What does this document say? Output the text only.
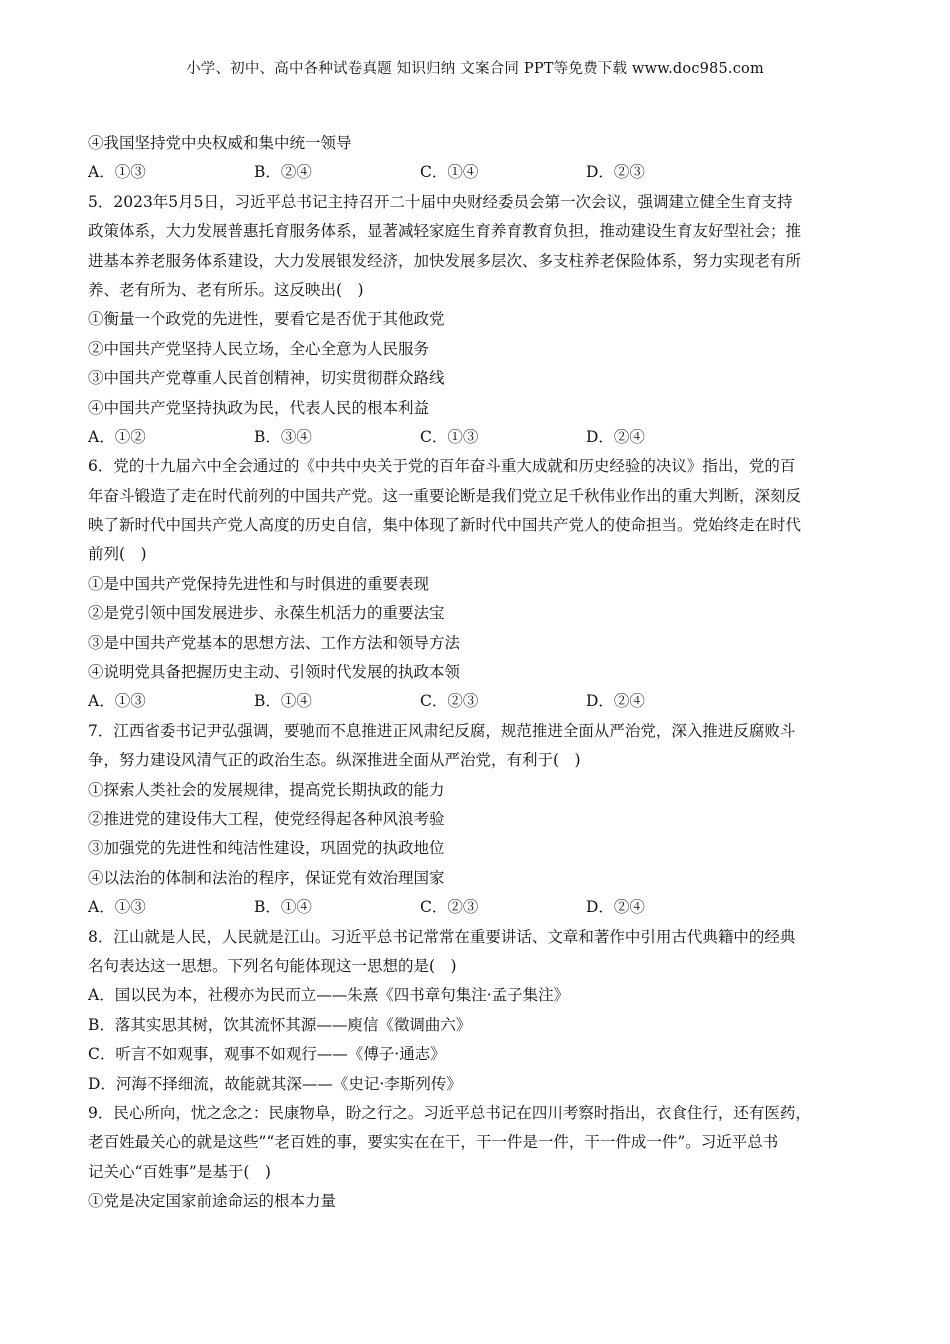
小学、初中、高中各种试卷真题 知识归纳 文案合同 PPT等免费下载 www.doc985.com
④我国坚持党中央权威和集中统一领导
A．①③	B．②④	C．①④	D．②③
5．2023年5月5日，习近平总书记主持召开二十届中央财经委员会第一次会议，强调建立健全生育支持
政策体系，大力发展普惠托育服务体系，显著减轻家庭生育养育教育负担，推动建设生育友好型社会；推
进基本养老服务体系建设，大力发展银发经济，加快发展多层次、多支柱养老保险体系，努力实现老有所
养、老有所为、老有所乐。这反映出(　)
①衡量一个政党的先进性，要看它是否优于其他政党
②中国共产党坚持人民立场，全心全意为人民服务
③中国共产党尊重人民首创精神，切实贯彻群众路线
④中国共产党坚持执政为民，代表人民的根本利益
A．①②	B．③④	C．①③	D．②④
6．党的十九届六中全会通过的《中共中央关于党的百年奋斗重大成就和历史经验的决议》指出，党的百
年奋斗锻造了走在时代前列的中国共产党。这一重要论断是我们党立足千秋伟业作出的重大判断，深刻反
映了新时代中国共产党人高度的历史自信，集中体现了新时代中国共产党人的使命担当。党始终走在时代
前列(　)
①是中国共产党保持先进性和与时俱进的重要表现
②是党引领中国发展进步、永葆生机活力的重要法宝
③是中国共产党基本的思想方法、工作方法和领导方法
④说明党具备把握历史主动、引领时代发展的执政本领
A．①③	B．①④	C．②③	D．②④
7．江西省委书记尹弘强调，要驰而不息推进正风肃纪反腐，规范推进全面从严治党，深入推进反腐败斗
争，努力建设风清气正的政治生态。纵深推进全面从严治党，有利于(　)
①探索人类社会的发展规律，提高党长期执政的能力
②推进党的建设伟大工程，使党经得起各种风浪考验
③加强党的先进性和纯洁性建设，巩固党的执政地位
④以法治的体制和法治的程序，保证党有效治理国家
A．①③	B．①④	C．②③	D．②④
8．江山就是人民，人民就是江山。习近平总书记常常在重要讲话、文章和著作中引用古代典籍中的经典
名句表达这一思想。下列名句能体现这一思想的是(　)
A．国以民为本，社稷亦为民而立——朱熹《四书章句集注·孟子集注》
B．落其实思其树，饮其流怀其源——庾信《徵调曲六》
C．听言不如观事，观事不如观行——《傅子·通志》
D．河海不择细流，故能就其深——《史记·李斯列传》
9．民心所向，忧之念之：民康物阜，盼之行之。习近平总书记在四川考察时指出，衣食住行，还有医药，
老百姓最关心的就是这些”“老百姓的事，要实实在在干，干一件是一件，干一件成一件”。习近平总书
记关心“百姓事”是基于(　)
①党是决定国家前途命运的根本力量
